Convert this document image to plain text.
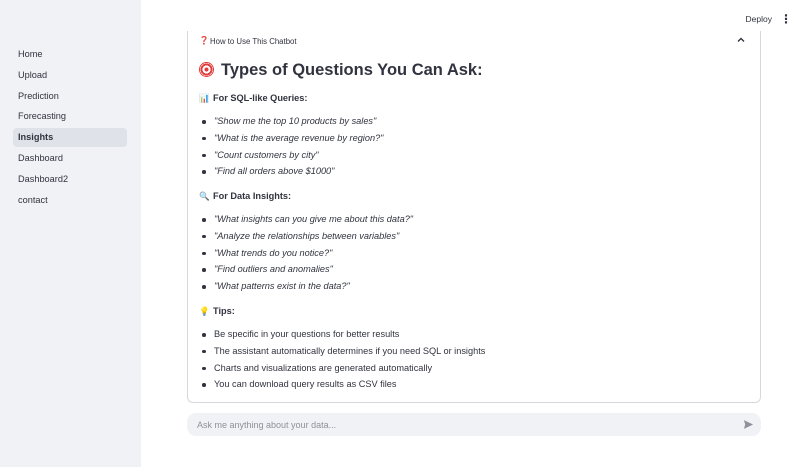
Home
Upload
Prediction
Forecasting
Insights
Dashboard
Dashboard2
contact
Deploy ⋮
❓ How to Use This Chatbot
Types of Questions You Can Ask:
📊 For SQL-like Queries:
"Show me the top 10 products by sales"
"What is the average revenue by region?"
"Count customers by city"
"Find all orders above $1000"
🔍 For Data Insights:
"What insights can you give me about this data?"
"Analyze the relationships between variables"
"What trends do you notice?"
"Find outliers and anomalies"
"What patterns exist in the data?"
💡 Tips:
Be specific in your questions for better results
The assistant automatically determines if you need SQL or insights
Charts and visualizations are generated automatically
You can download query results as CSV files
Ask me anything about your data...
